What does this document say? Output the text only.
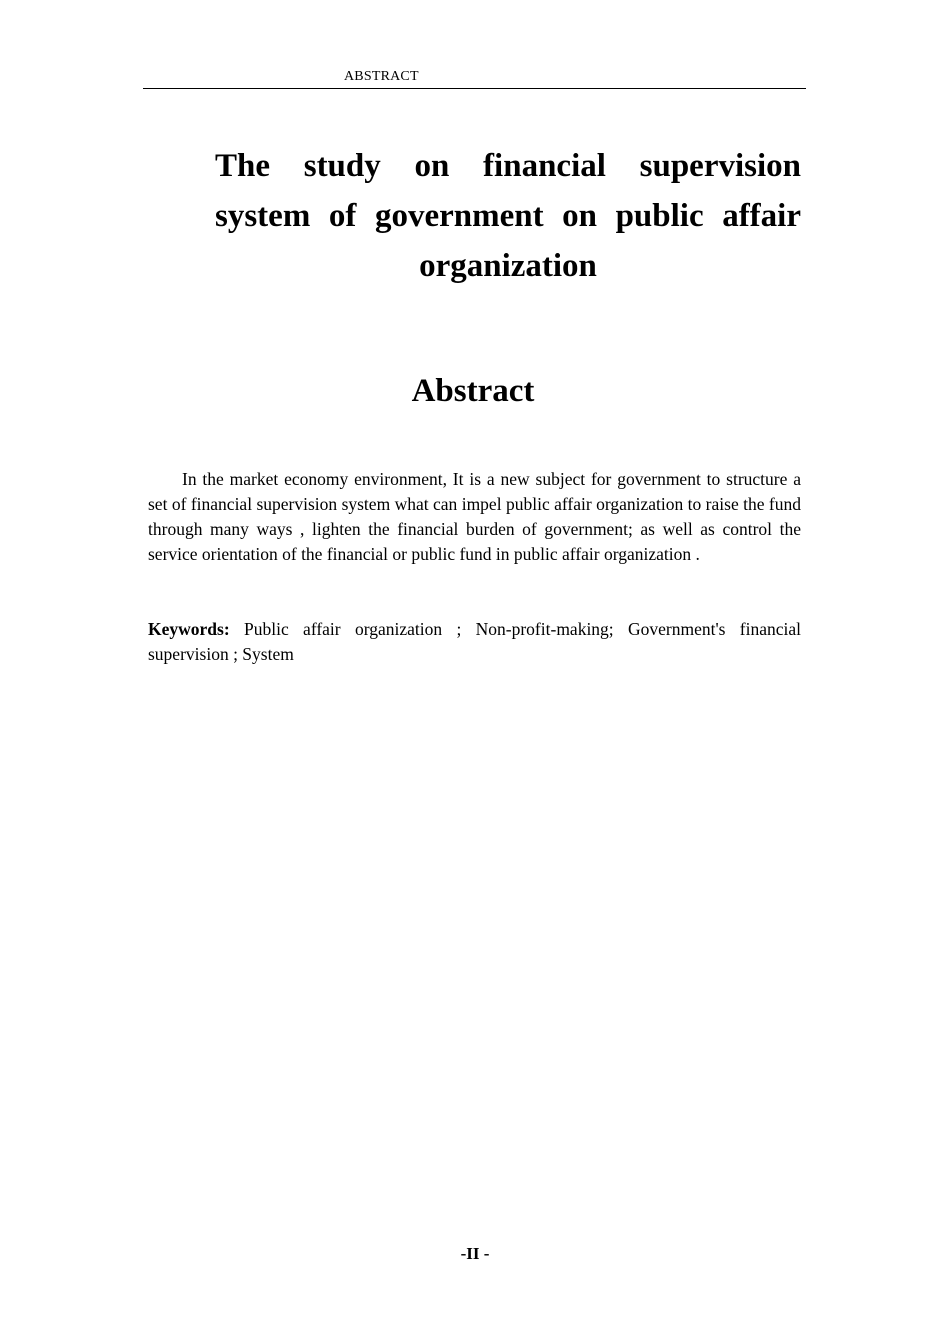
ABSTRACT
The study on financial supervision system of government on public affair organization
Abstract

In the market economy environment, It is a new subject for government to structure a set of financial supervision system what can impel public affair organization to raise the fund through many ways , lighten the financial burden of government; as well as control the service orientation of the financial or public fund in public affair organization .

Keywords: Public affair organization ; Non-profit-making; Government's financial supervision ; System

-II -
